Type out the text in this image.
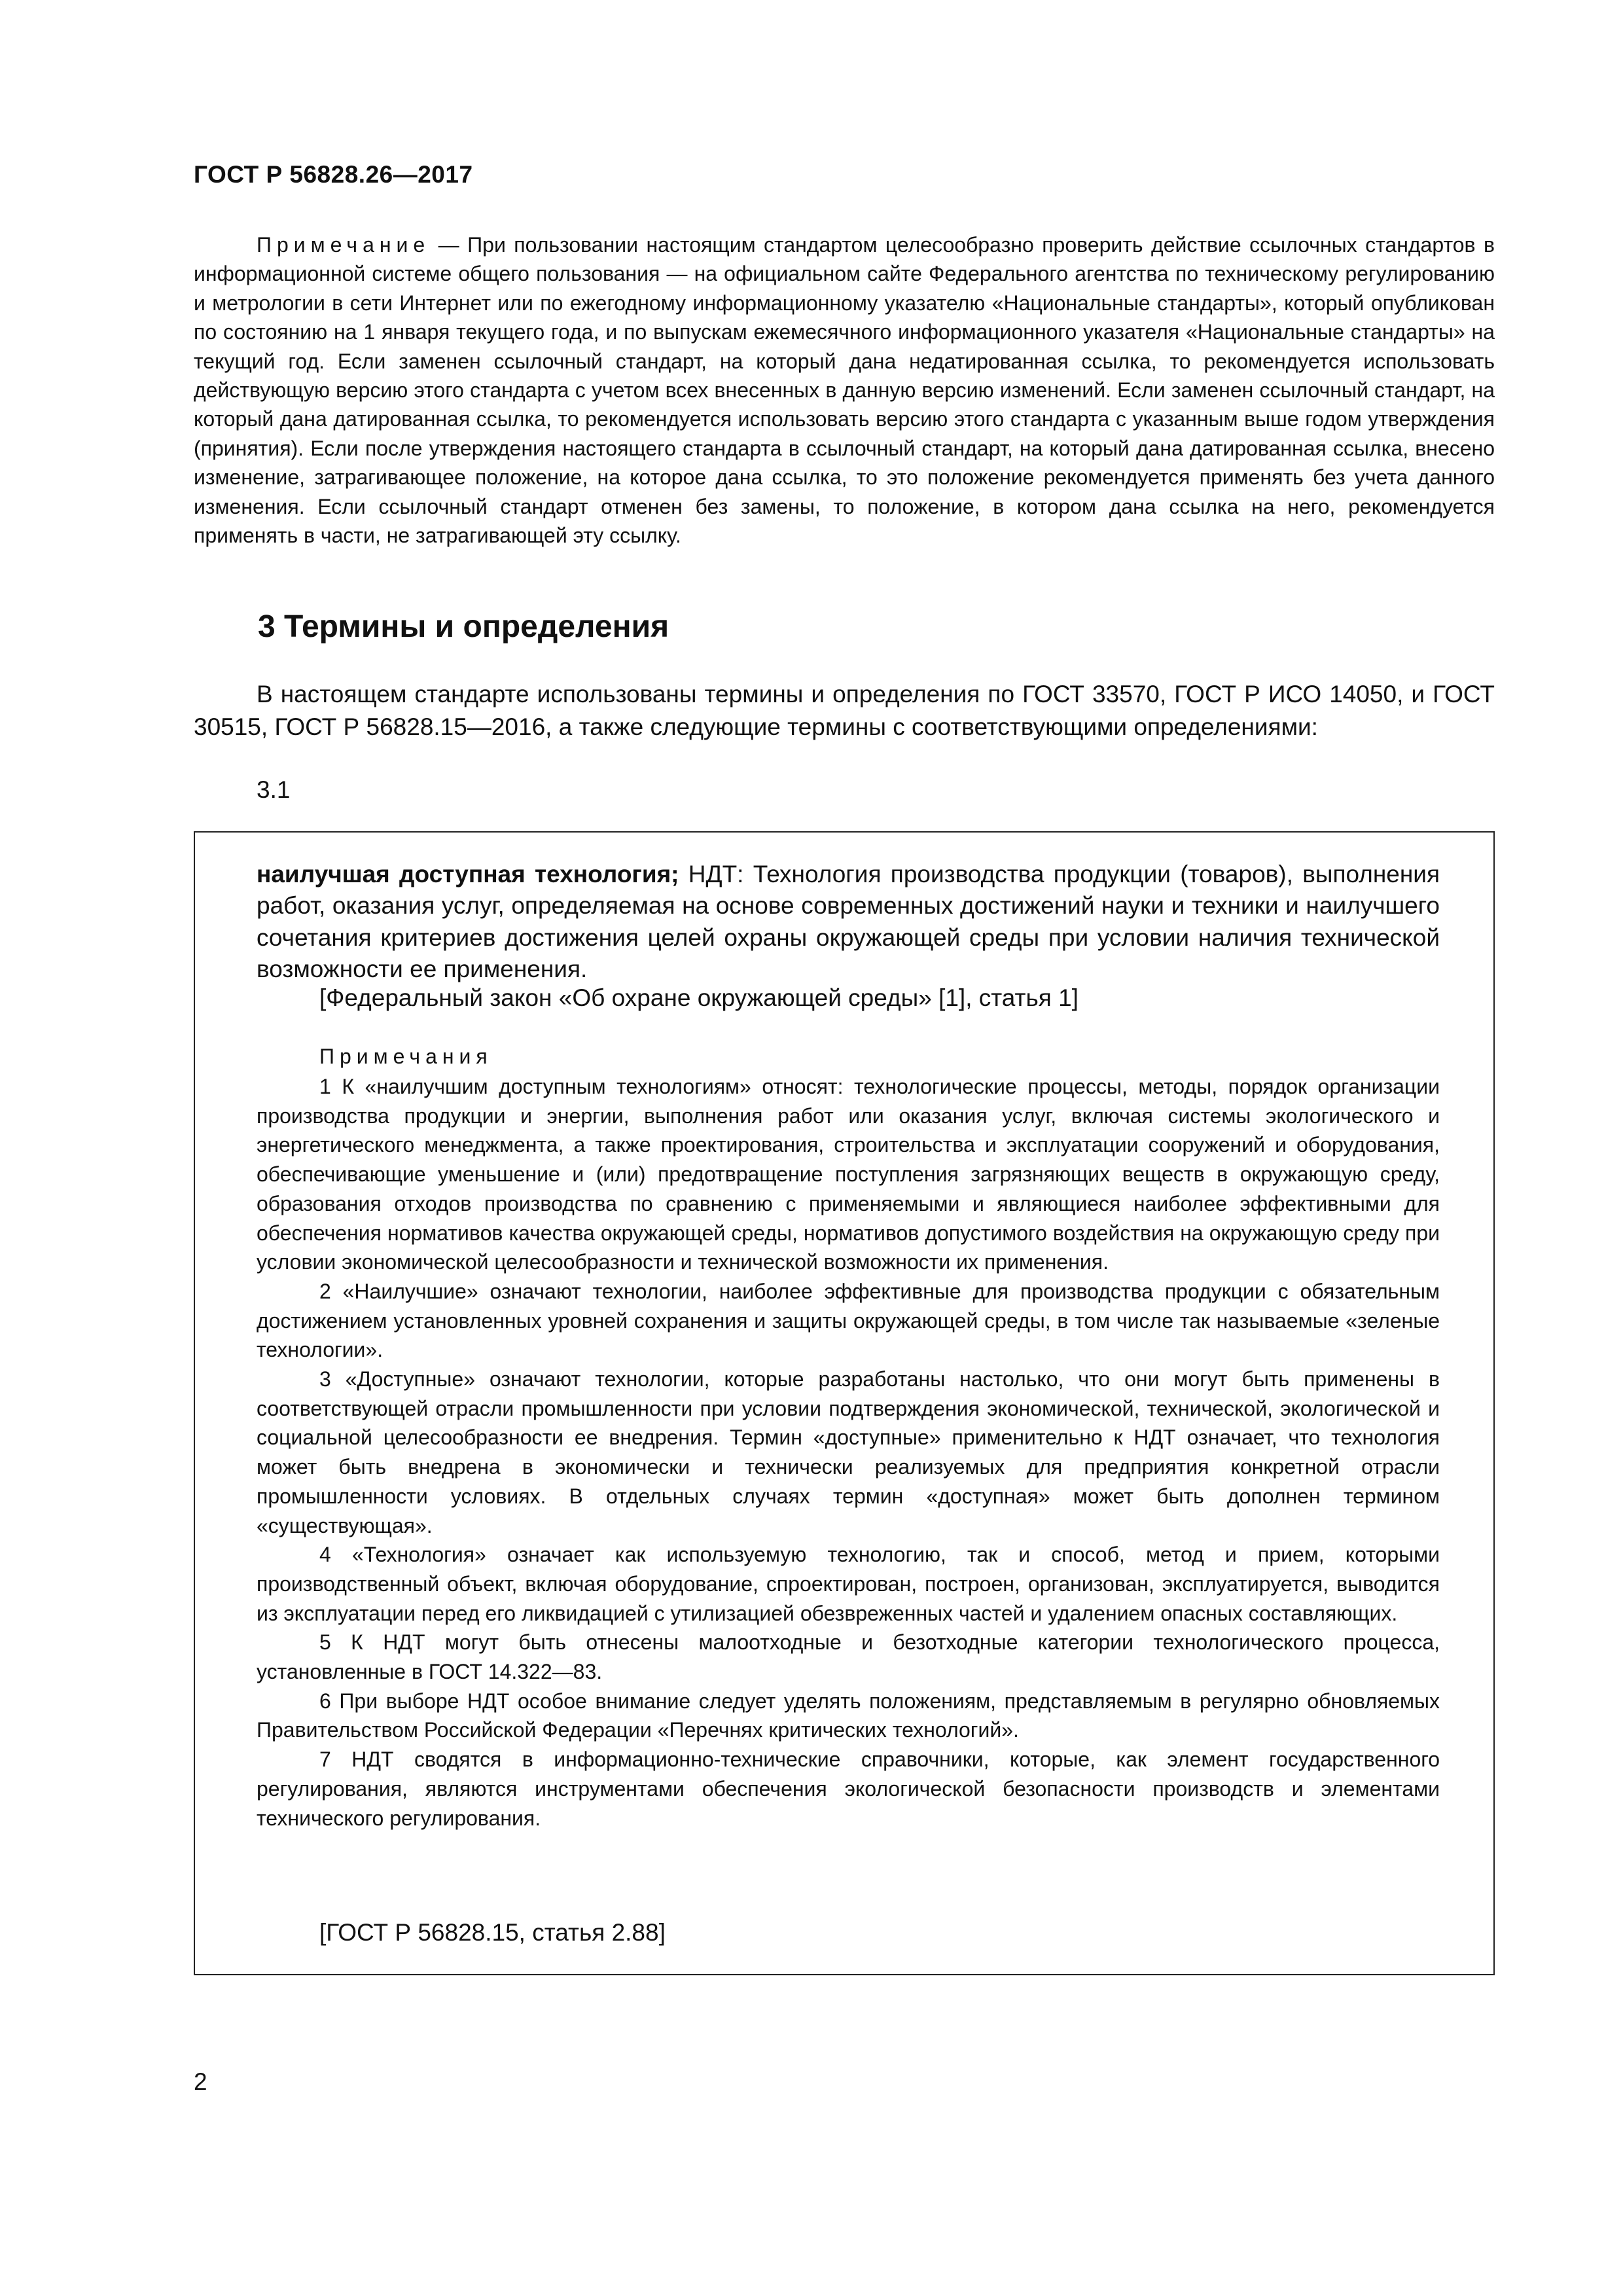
ГОСТ Р 56828.26—2017
Примечание — При пользовании настоящим стандартом целесообразно проверить действие ссылочных стандартов в информационной системе общего пользования — на официальном сайте Федерального агентства по техническому регулированию и метрологии в сети Интернет или по ежегодному информационному указателю «Национальные стандарты», который опубликован по состоянию на 1 января текущего года, и по выпускам ежемесячного информационного указателя «Национальные стандарты» на текущий год. Если заменен ссылочный стандарт, на который дана недатированная ссылка, то рекомендуется использовать действующую версию этого стандарта с учетом всех внесенных в данную версию изменений. Если заменен ссылочный стандарт, на который дана датированная ссылка, то рекомендуется использовать версию этого стандарта с указанным выше годом утверждения (принятия). Если после утверждения настоящего стандарта в ссылочный стандарт, на который дана датированная ссылка, внесено изменение, затрагивающее положение, на которое дана ссылка, то это положение рекомендуется применять без учета данного изменения. Если ссылочный стандарт отменен без замены, то положение, в котором дана ссылка на него, рекомендуется применять в части, не затрагивающей эту ссылку.
3 Термины и определения
В настоящем стандарте использованы термины и определения по ГОСТ 33570, ГОСТ Р ИСО 14050, и ГОСТ 30515, ГОСТ Р 56828.15—2016, а также следующие термины с соответствующими определениями:
3.1
наилучшая доступная технология; НДТ: Технология производства продукции (товаров), выполнения работ, оказания услуг, определяемая на основе современных достижений науки и техники и наилучшего сочетания критериев достижения целей охраны окружающей среды при условии наличия технической возможности ее применения.
[Федеральный закон «Об охране окружающей среды» [1], статья 1]
Примечания

1 К «наилучшим доступным технологиям» относят: технологические процессы, методы, порядок организации производства продукции и энергии, выполнения работ или оказания услуг, включая системы экологического и энергетического менеджмента, а также проектирования, строительства и эксплуатации сооружений и оборудования, обеспечивающие уменьшение и (или) предотвращение поступления загрязняющих веществ в окружающую среду, образования отходов производства по сравнению с применяемыми и являющиеся наиболее эффективными для обеспечения нормативов качества окружающей среды, нормативов допустимого воздействия на окружающую среду при условии экономической целесообразности и технической возможности их применения.

2 «Наилучшие» означают технологии, наиболее эффективные для производства продукции с обязательным достижением установленных уровней сохранения и защиты окружающей среды, в том числе так называемые «зеленые технологии».

3 «Доступные» означают технологии, которые разработаны настолько, что они могут быть применены в соответствующей отрасли промышленности при условии подтверждения экономической, технической, экологической и социальной целесообразности ее внедрения. Термин «доступные» применительно к НДТ означает, что технология может быть внедрена в экономически и технически реализуемых для предприятия конкретной отрасли промышленности условиях. В отдельных случаях термин «доступная» может быть дополнен термином «существующая».

4 «Технология» означает как используемую технологию, так и способ, метод и прием, которыми производственный объект, включая оборудование, спроектирован, построен, организован, эксплуатируется, выводится из эксплуатации перед его ликвидацией с утилизацией обезвреженных частей и удалением опасных составляющих.

5 К НДТ могут быть отнесены малоотходные и безотходные категории технологического процесса, установленные в ГОСТ 14.322—83.

6 При выборе НДТ особое внимание следует уделять положениям, представляемым в регулярно обновляемых Правительством Российской Федерации «Перечнях критических технологий».

7 НДТ сводятся в информационно-технические справочники, которые, как элемент государственного регулирования, являются инструментами обеспечения экологической безопасности производств и элементами технического регулирования.

[ГОСТ Р 56828.15, статья 2.88]
2
